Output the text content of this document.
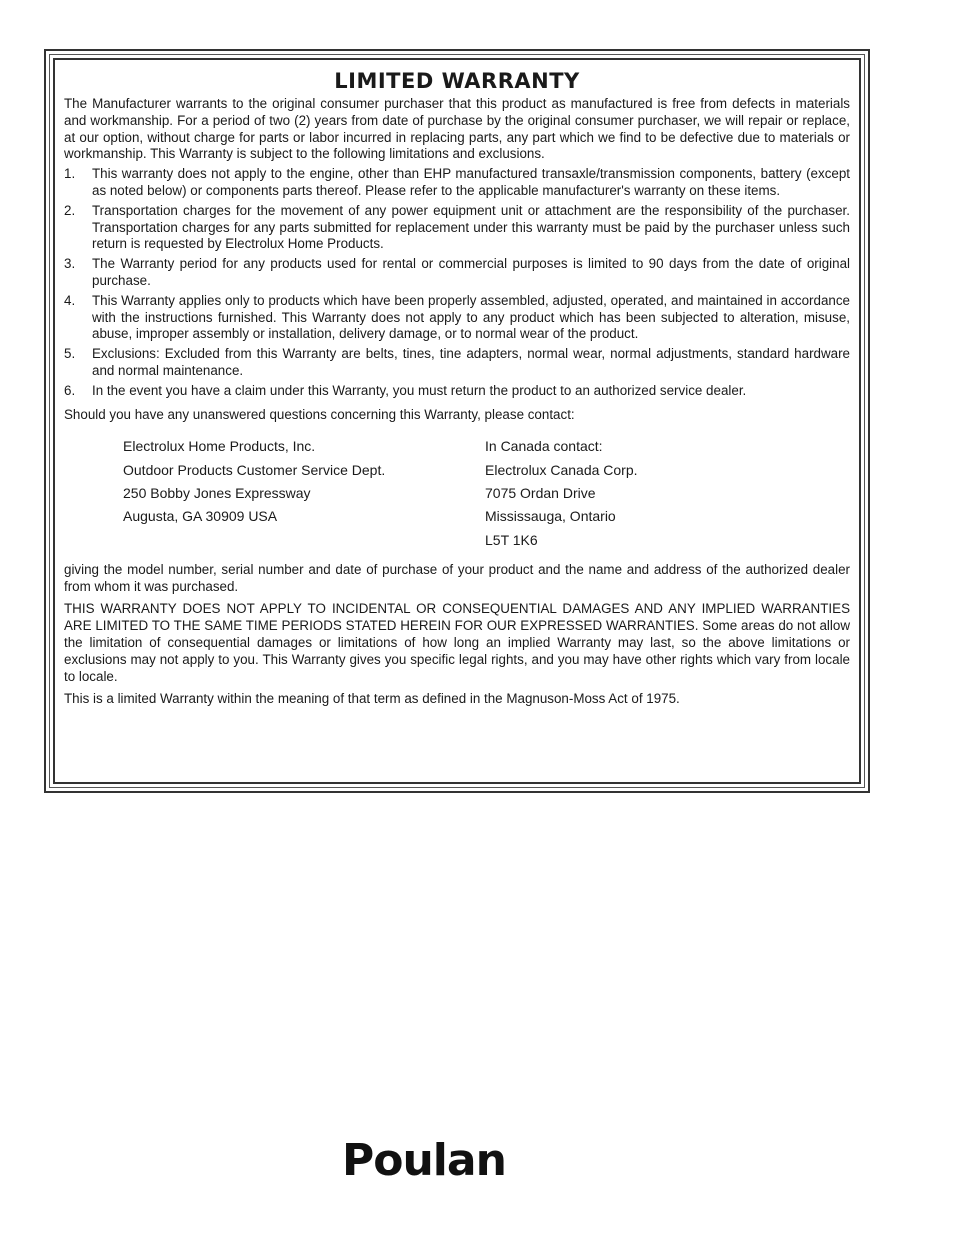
LIMITED WARRANTY

The Manufacturer warrants to the original consumer purchaser that this product as manufactured is free from defects in materials and workmanship. For a period of two (2) years from date of purchase by the original consumer purchaser, we will repair or replace, at our option, without charge for parts or labor incurred in replacing parts, any part which we find to be defective due to materials or workmanship. This Warranty is subject to the following limitations and exclusions.

1.	This warranty does not apply to the engine, other than EHP manufactured transaxle/transmission components, battery (except as noted below) or components parts thereof. Please refer to the applicable manufacturer's warranty on these items.
2.	Transportation charges for the movement of any power equipment unit or attachment are the responsibility of the purchaser. Transportation charges for any parts submitted for replacement under this warranty must be paid by the purchaser unless such return is requested by Electrolux Home Products.
3.	The Warranty period for any products used for rental or commercial purposes is limited to 90 days from the date of original purchase.
4.	This Warranty applies only to products which have been properly assembled, adjusted, operated, and maintained in accordance with the instructions furnished. This Warranty does not apply to any product which has been subjected to alteration, misuse, abuse, improper assembly or installation, delivery damage, or to normal wear of the product.
5.	Exclusions: Excluded from this Warranty are belts, tines, tine adapters, normal wear, normal adjustments, standard hardware and normal maintenance.
6.	In the event you have a claim under this Warranty, you must return the product to an authorized service dealer.

Should you have any unanswered questions concerning this Warranty, please contact:

Electrolux Home Products, Inc.
Outdoor Products Customer Service Dept.
250 Bobby Jones Expressway
Augusta, GA 30909 USA
In Canada contact:
Electrolux Canada Corp.
7075 Ordan Drive
Mississauga, Ontario
L5T 1K6

giving the model number, serial number and date of purchase of your product and the name and address of the authorized dealer from whom it was purchased.

THIS WARRANTY DOES NOT APPLY TO INCIDENTAL OR CONSEQUENTIAL DAMAGES AND ANY IMPLIED WARRANTIES ARE LIMITED TO THE SAME TIME PERIODS STATED HEREIN FOR OUR EXPRESSED WARRANTIES. Some areas do not allow the limitation of consequential damages or limitations of how long an implied Warranty may last, so the above limitations or exclusions may not apply to you. This Warranty gives you specific legal rights, and you may have other rights which vary from locale to locale.

This is a limited Warranty within the meaning of that term as defined in the Magnuson-Moss Act of 1975.

Poulan
